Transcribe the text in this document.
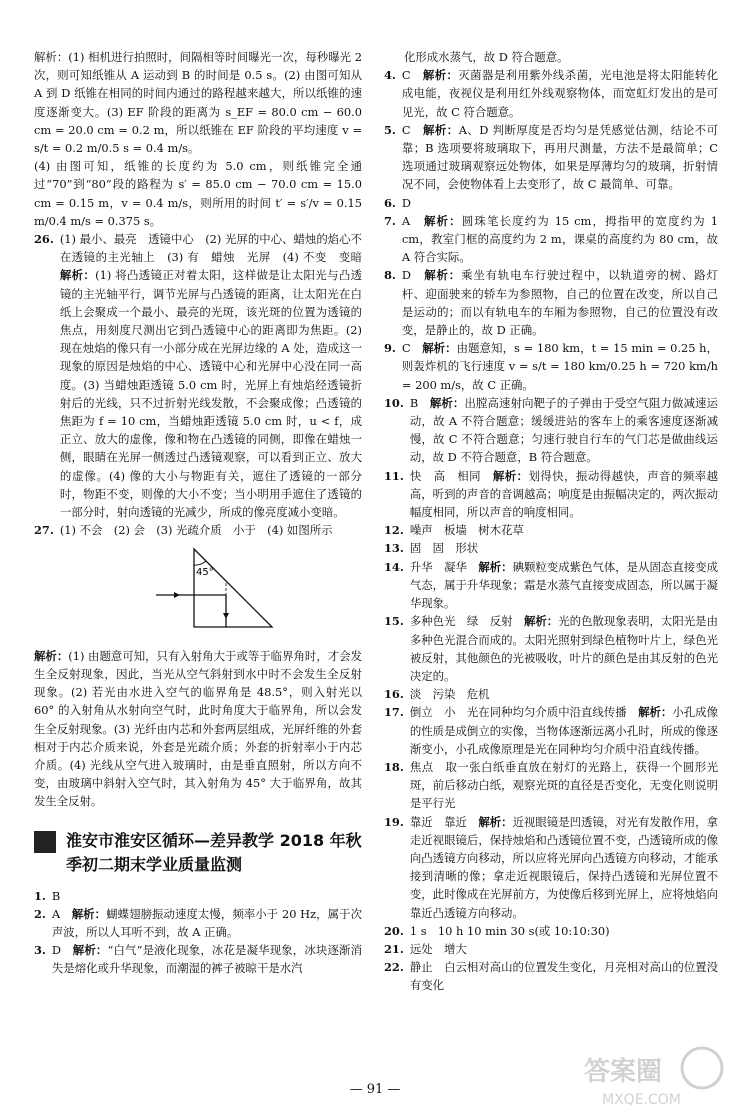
解析：(1) 相机进行拍照时，间隔相等时间曝光一次，每秒曝光 2 次，则可知纸锥从 A 运动到 B 的时间是 0.5 s。(2) 由图可知从 A 到 D 纸锥在相同的时间内通过的路程越来越大，所以纸锥的速度逐渐变大。(3) EF 阶段的距离为 s_EF = 80.0 cm − 60.0 cm = 20.0 cm = 0.2 m，所以纸锥在 EF 阶段的平均速度 v = s/t = 0.2 m/0.5 s = 0.4 m/s。

(4) 由图可知，纸锥的长度约为 5.0 cm，则纸锥完全通过“70”到“80”段的路程为 s′ = 85.0 cm − 70.0 cm = 15.0 cm = 0.15 m，v = 0.4 m/s，则所用的时间 t′ = s′/v = 0.15 m/0.4 m/s = 0.375 s。

26. (1) 最小、最亮　透镜中心　(2) 光屏的中心、蜡烛的焰心不在透镜的主光轴上　(3) 有　蜡烛　光屏　(4) 不变　变暗 解析：(1) 将凸透镜正对着太阳，这样做是让太阳光与凸透镜的主光轴平行，调节光屏与凸透镜的距离，让太阳光在白纸上会聚成一个最小、最亮的光斑，该光斑的位置为透镜的焦点，用刻度尺测出它到凸透镜中心的距离即为焦距。(2) 现在烛焰的像只有一小部分成在光屏边缘的 A 处，造成这一现象的原因是烛焰的中心、透镜中心和光屏中心没在同一高度。(3) 当蜡烛距透镜 5.0 cm 时，光屏上有烛焰经透镜折射后的光线，只不过折射光线发散，不会聚成像；凸透镜的焦距为 f = 10 cm，当蜡烛距透镜 5.0 cm 时，u < f，成正立、放大的虚像，像和物在凸透镜的同侧，即像在蜡烛一侧，眼睛在光屏一侧透过凸透镜观察，可以看到正立、放大的虚像。(4) 像的大小与物距有关，遮住了透镜的一部分时，物距不变，则像的大小不变；当小明用手遮住了透镜的一部分时，射向透镜的光减少，所成的像亮度减小变暗。
27. (1) 不会　(2) 会　(3) 光疏介质　小于　(4) 如图所示
45°
解析：(1) 由题意可知，只有入射角大于或等于临界角时，才会发生全反射现象，因此，当光从空气斜射到水中时不会发生全反射现象。(2) 若光由水进入空气的临界角是 48.5°，则入射光以 60° 的入射角从水射向空气时，此时角度大于临界角，所以会发生全反射现象。(3) 光纤由内芯和外套两层组成，光屏纤维的外套相对于内芯介质来说，外套是光疏介质；外套的折射率小于内芯介质。(4) 光线从空气进入玻璃时，由是垂直照射，所以方向不变，由玻璃中斜射入空气时，其入射角为 45° 大于临界角，故其发生全反射。
淮安市淮安区循环—差异教学 2018 年秋季初二期末学业质量监测
1. B
2. A　 解析：蝴蝶翅膀振动速度太慢，频率小于 20 Hz，属于次声波，所以人耳听不到，故 A 正确。
3. D　 解析：“白气”是液化现象，冰花是凝华现象，冰块逐渐消失是熔化或升华现象，而潮湿的裤子被晾干是水汽

化形成水蒸气，故 D 符合题意。

4. C　 解析：灭菌器是利用紫外线杀菌，光电池是将太阳能转化成电能，夜视仪是利用红外线观察物体，而宽虹灯发出的是可见光，故 C 符合题意。
5. C　 解析：A、D 判断厚度是否均匀是凭感觉估测，结论不可靠；B 选项要将玻璃取下，再用尺测量，方法不是最简单；C 选项通过玻璃观察远处物体，如果是厚薄均匀的玻璃，折射情况不同，会使物体看上去变形了，故 C 最简单、可靠。
6. D
7. A　 解析：圆珠笔长度约为 15 cm，拇指甲的宽度约为 1 cm，教室门框的高度约为 2 m，课桌的高度约为 80 cm，故 A 符合实际。
8. D　 解析：乘坐有轨电车行驶过程中，以轨道旁的树、路灯杆、迎面驶来的轿车为参照物，自己的位置在改变，所以自己是运动的；而以有轨电车的车厢为参照物，自己的位置没有改变，是静止的，故 D 正确。
9. C　 解析：由题意知，s = 180 km，t = 15 min = 0.25 h，则轰炸机的飞行速度 v = s/t = 180 km/0.25 h = 720 km/h = 200 m/s，故 C 正确。
10. B　 解析：出膛高速射向靶子的子弹由于受空气阻力做减速运动，故 A 不符合题意；缓缓进站的客车上的乘客速度逐渐减慢，故 C 不符合题意；匀速行驶自行车的气门芯是做曲线运动，故 D 不符合题意，B 符合题意。
11. 快　高　相同　 解析：划得快，振动得越快，声音的频率越高，听到的声音的音调越高；响度是由振幅决定的，两次振动幅度相同，所以声音的响度相同。
12. 噪声　板墙　树木花草
13. 固　固　形状
14. 升华　凝华　 解析：碘颗粒变成紫色气体，是从固态直接变成气态，属于升华现象；霜是水蒸气直接变成固态，所以属于凝华现象。
15. 多种色光　绿　反射　 解析：光的色散现象表明，太阳光是由多种色光混合而成的。太阳光照射到绿色植物叶片上，绿色光被反射，其他颜色的光被吸收，叶片的颜色是由其反射的色光决定的。
16. 淡　污染　危机
17. 倒立　小　光在同种均匀介质中沿直线传播　 解析：小孔成像的性质是成倒立的实像，当物体逐渐远离小孔时，所成的像逐渐变小，小孔成像原理是光在同种均匀介质中沿直线传播。
18. 焦点　取一张白纸垂直放在射灯的光路上，获得一个圆形光斑，前后移动白纸，观察光斑的直径是否变化，无变化则说明是平行光
19. 靠近　靠近　 解析：近视眼镜是凹透镜，对光有发散作用，拿走近视眼镜后，保持烛焰和凸透镜位置不变，凸透镜所成的像向凸透镜方向移动，所以应将光屏向凸透镜方向移动，才能承接到清晰的像；拿走近视眼镜后，保持凸透镜和光屏位置不变，此时像成在光屏前方，为使像后移到光屏上，应将烛焰向靠近凸透镜方向移动。
20. 1 s　10 h 10 min 30 s(或 10:10:30)
21. 远处　增大
22. 静止　白云相对高山的位置发生变化，月亮相对高山的位置没有变化
— 91 —
答案圈
MXQE.COM
